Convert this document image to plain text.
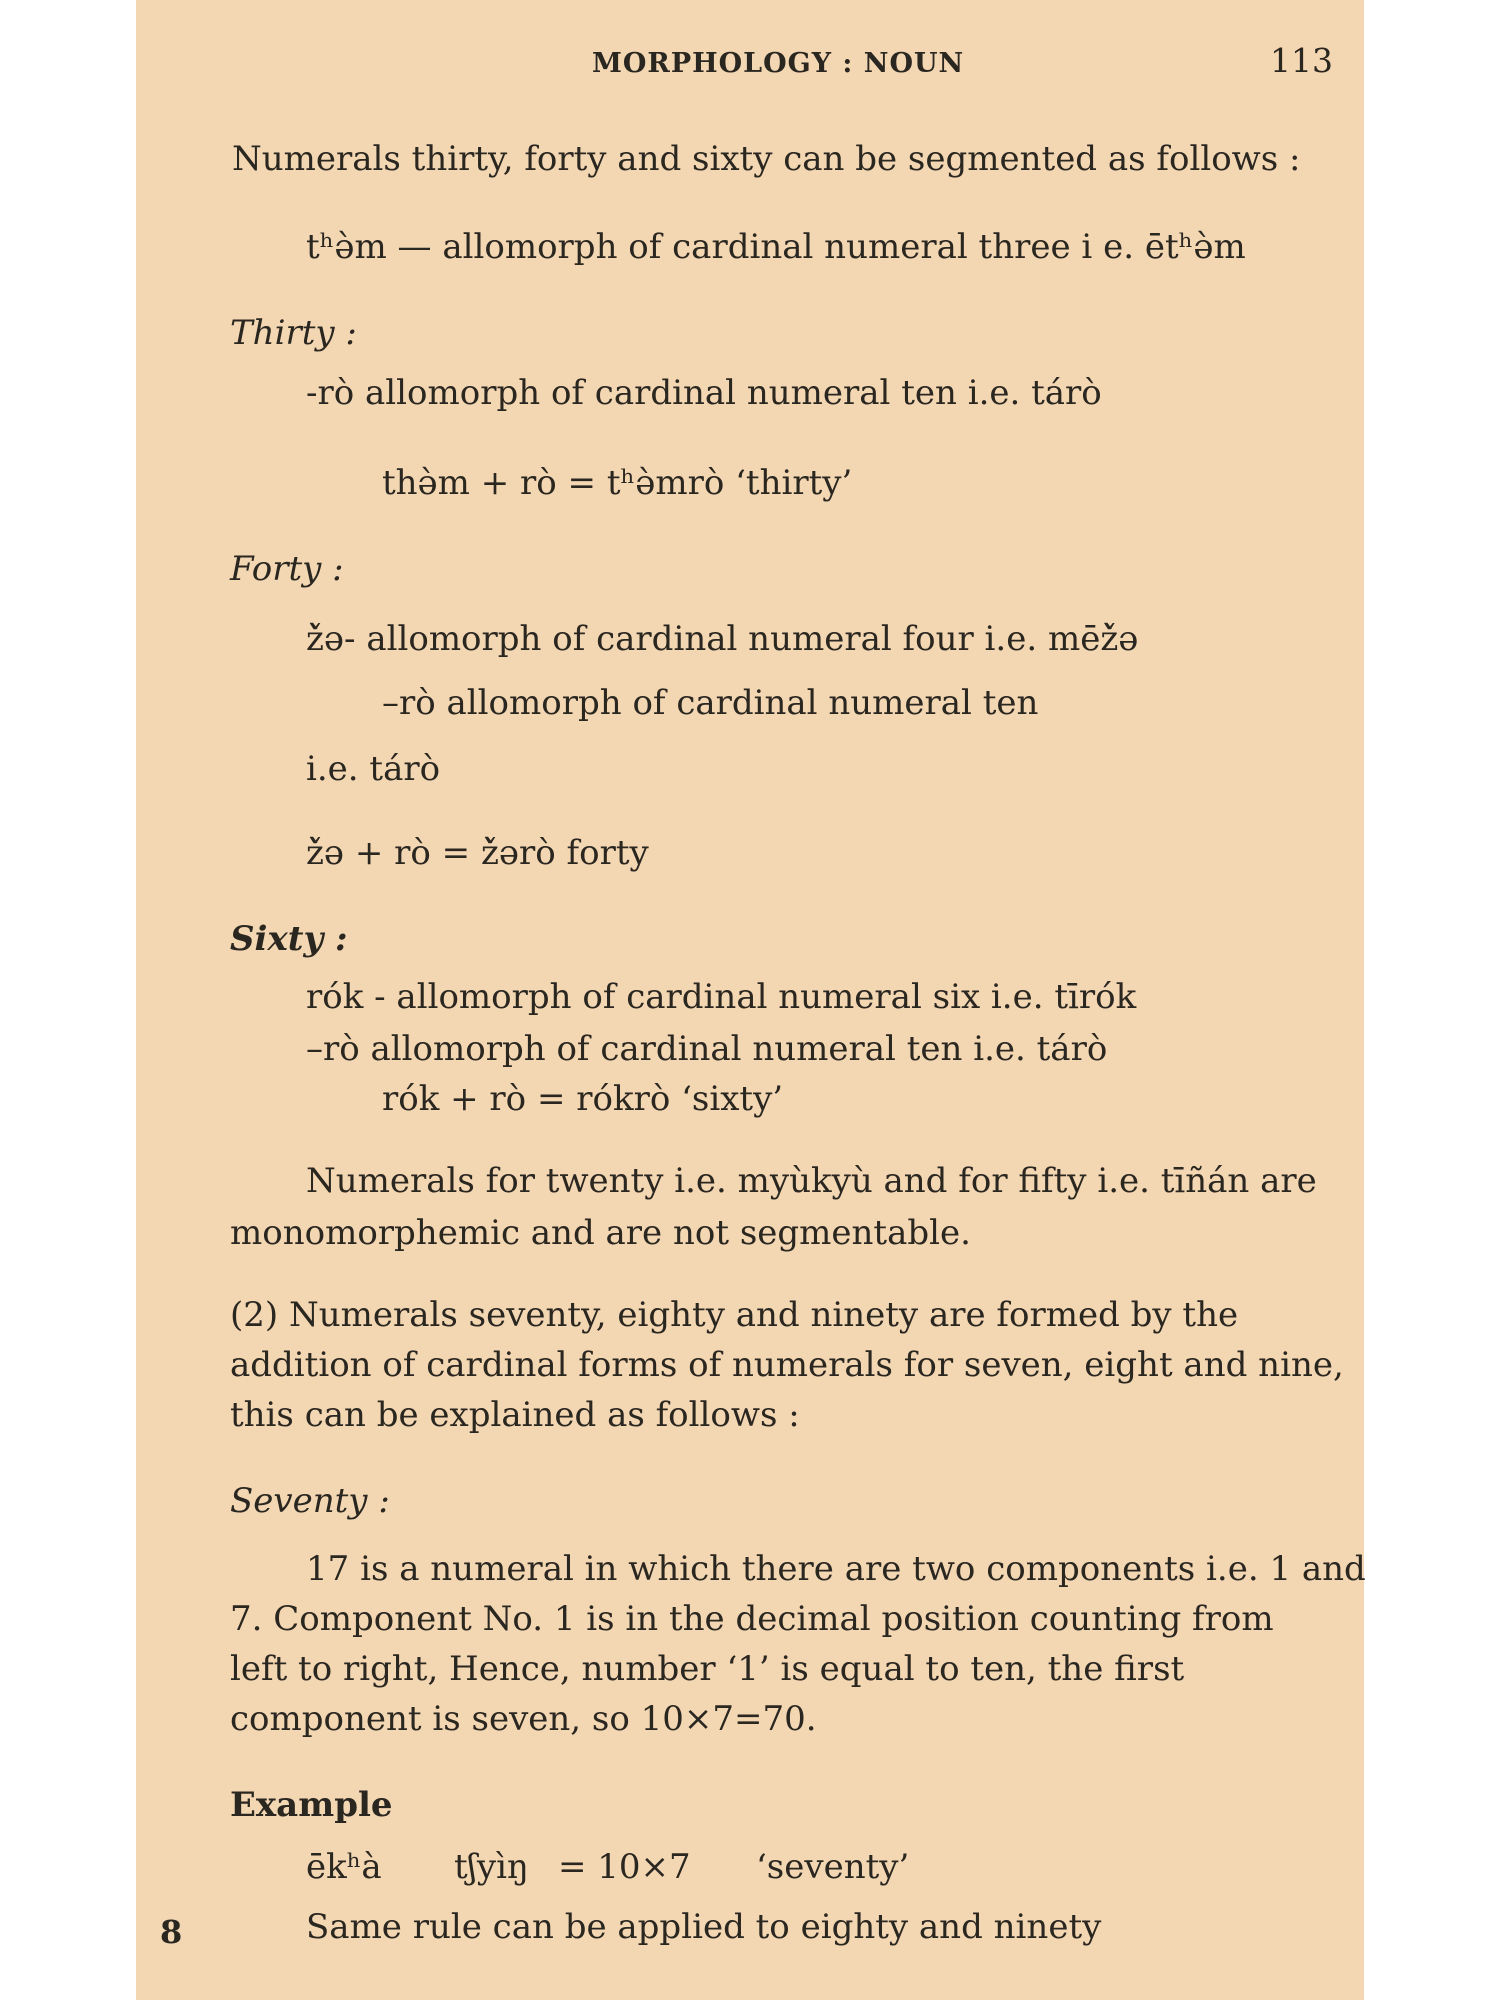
MORPHOLOGY : NOUN	113
Numerals thirty, forty and sixty can be segmented as follows :
tʰə̀m — allomorph of cardinal numeral three i e. ētʰə̀m
Thirty :
-rò allomorph of cardinal numeral ten i.e. tárò
thə̀m + rò = tʰə̀mrò ‘thirty’
Forty :
ž̀ə- allomorph of cardinal numeral four i.e. mēž̀ə
–rò allomorph of cardinal numeral ten
i.e. tárò
ž̀ə + rò = ž̀ərò forty
Sixty :
rók - allomorph of cardinal numeral six i.e. tīrók
–rò allomorph of cardinal numeral ten i.e. tárò
rók + rò = rókrò ‘sixty’
Numerals for twenty i.e. myùkyù and for fifty i.e. tīñán are
monomorphemic and are not segmentable.
(2) Numerals seventy, eighty and ninety are formed by the
addition of cardinal forms of numerals for seven, eight and nine,
this can be explained as follows :
Seventy :
17 is a numeral in which there are two components i.e. 1 and
7. Component No. 1 is in the decimal position counting from
left to right, Hence, number ‘1’ is equal to ten, the first
component is seven, so 10×7=70.
Example
ēkʰà tʃyìŋ = 10×7 ‘seventy’
Same rule can be applied to eighty and ninety
8
